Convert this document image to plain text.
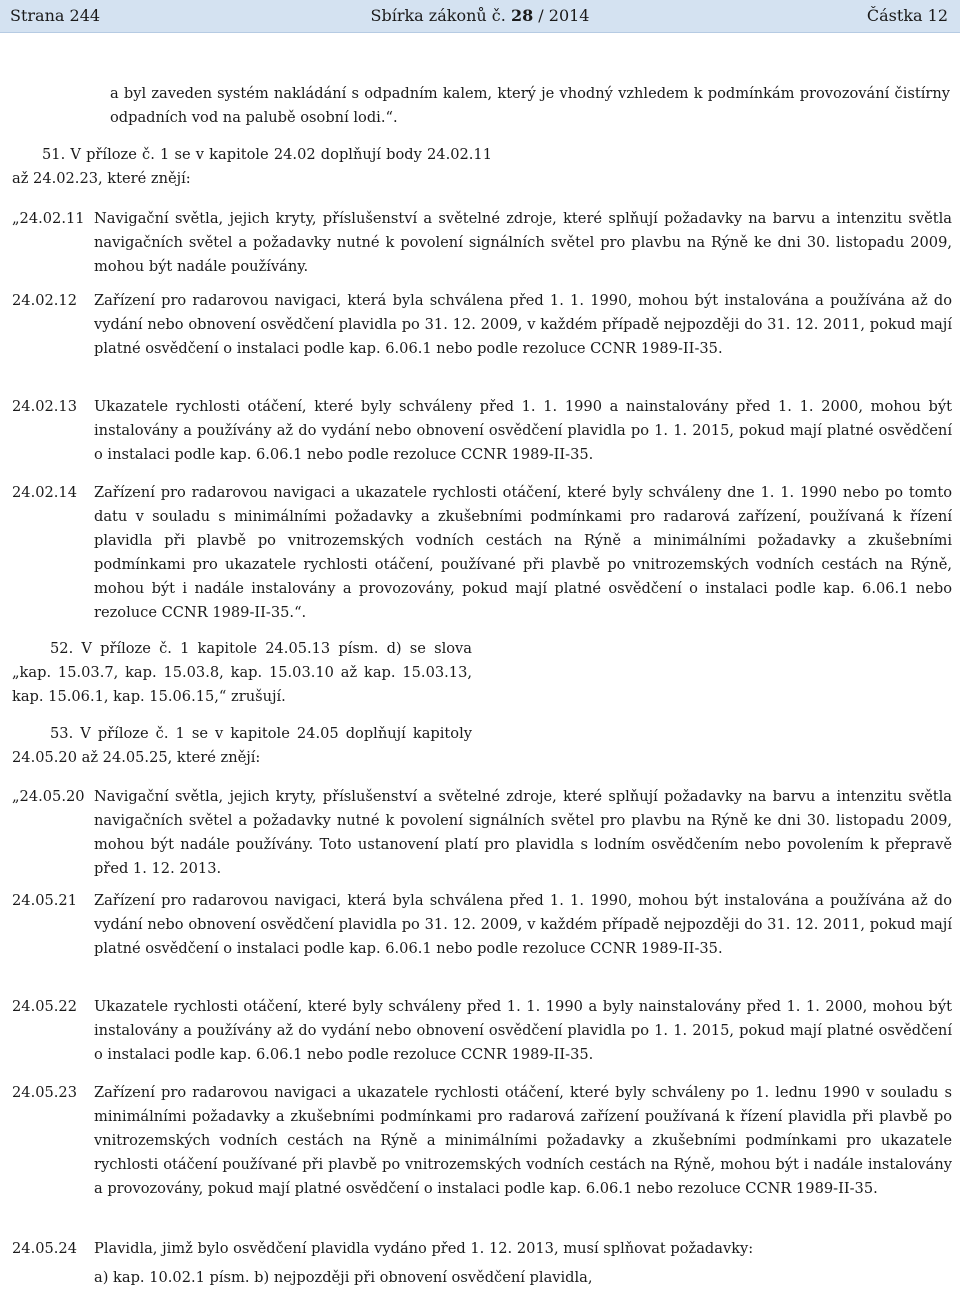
Strana 244	Sbírka zákonů č. 28 / 2014	Částka 12

a byl zaveden systém nakládání s odpadním kalem, který je vhodný vzhledem k podmínkám provozování čistírny odpadních vod na palubě osobní lodi.“.

51. V příloze č. 1 se v kapitole 24.02 doplňují body 24.02.11 až 24.02.23, které znějí:

„24.02.11 Navigační světla, jejich kryty, příslušenství a světelné zdroje, které splňují požadavky na barvu a intenzitu světla navigačních světel a požadavky nutné k povolení signálních světel pro plavbu na Rýně ke dni 30. listopadu 2009, mohou být nadále používány.
24.02.12 Zařízení pro radarovou navigaci, která byla schválena před 1. 1. 1990, mohou být instalována a používána až do vydání nebo obnovení osvědčení plavidla po 31. 12. 2009, v každém případě nejpozději do 31. 12. 2011, pokud mají platné osvědčení o instalaci podle kap. 6.06.1 nebo podle rezoluce CCNR 1989-II-35.
24.02.13 Ukazatele rychlosti otáčení, které byly schváleny před 1. 1. 1990 a nainstalovány před 1. 1. 2000, mohou být instalovány a používány až do vydání nebo obnovení osvědčení plavidla po 1. 1. 2015, pokud mají platné osvědčení o instalaci podle kap. 6.06.1 nebo podle rezoluce CCNR 1989-II-35.
24.02.14 Zařízení pro radarovou navigaci a ukazatele rychlosti otáčení, které byly schváleny dne 1. 1. 1990 nebo po tomto datu v souladu s minimálními požadavky a zkušebními podmínkami pro radarová zařízení, používaná k řízení plavidla při plavbě po vnitrozemských vodních cestách na Rýně a minimálními požadavky a zkušebními podmínkami pro ukazatele rychlosti otáčení, používané při plavbě po vnitrozemských vodních cestách na Rýně, mohou být i nadále instalovány a provozovány, pokud mají platné osvědčení o instalaci podle kap. 6.06.1 nebo rezoluce CCNR 1989-II-35.“.

52. V příloze č. 1 kapitole 24.05.13 písm. d) se slova „kap. 15.03.7, kap. 15.03.8, kap. 15.03.10 až kap. 15.03.13, kap. 15.06.1, kap. 15.06.15,“ zrušují.

53. V příloze č. 1 se v kapitole 24.05 doplňují kapitoly 24.05.20 až 24.05.25, které znějí:

„24.05.20 Navigační světla, jejich kryty, příslušenství a světelné zdroje, které splňují požadavky na barvu a intenzitu světla navigačních světel a požadavky nutné k povolení signálních světel pro plavbu na Rýně ke dni 30. listopadu 2009, mohou být nadále používány. Toto ustanovení platí pro plavidla s lodním osvědčením nebo povolením k přepravě před 1. 12. 2013.
24.05.21 Zařízení pro radarovou navigaci, která byla schválena před 1. 1. 1990, mohou být instalována a používána až do vydání nebo obnovení osvědčení plavidla po 31. 12. 2009, v každém případě nejpozději do 31. 12. 2011, pokud mají platné osvědčení o instalaci podle kap. 6.06.1 nebo podle rezoluce CCNR 1989-II-35.
24.05.22 Ukazatele rychlosti otáčení, které byly schváleny před 1. 1. 1990 a byly nainstalovány před 1. 1. 2000, mohou být instalovány a používány až do vydání nebo obnovení osvědčení plavidla po 1. 1. 2015, pokud mají platné osvědčení o instalaci podle kap. 6.06.1 nebo podle rezoluce CCNR 1989-II-35.
24.05.23 Zařízení pro radarovou navigaci a ukazatele rychlosti otáčení, které byly schváleny po 1. lednu 1990 v souladu s minimálními požadavky a zkušebními podmínkami pro radarová zařízení používaná k řízení plavidla při plavbě po vnitrozemských vodních cestách na Rýně a minimálními požadavky a zkušebními podmínkami pro ukazatele rychlosti otáčení používané při plavbě po vnitrozemských vodních cestách na Rýně, mohou být i nadále instalovány a provozovány, pokud mají platné osvědčení o instalaci podle kap. 6.06.1 nebo rezoluce CCNR 1989-II-35.
24.05.24 Plavidla, jimž bylo osvědčení plavidla vydáno před 1. 12. 2013, musí splňovat požadavky:

a) kap. 10.02.1 písm. b) nejpozději při obnovení osvědčení plavidla,
